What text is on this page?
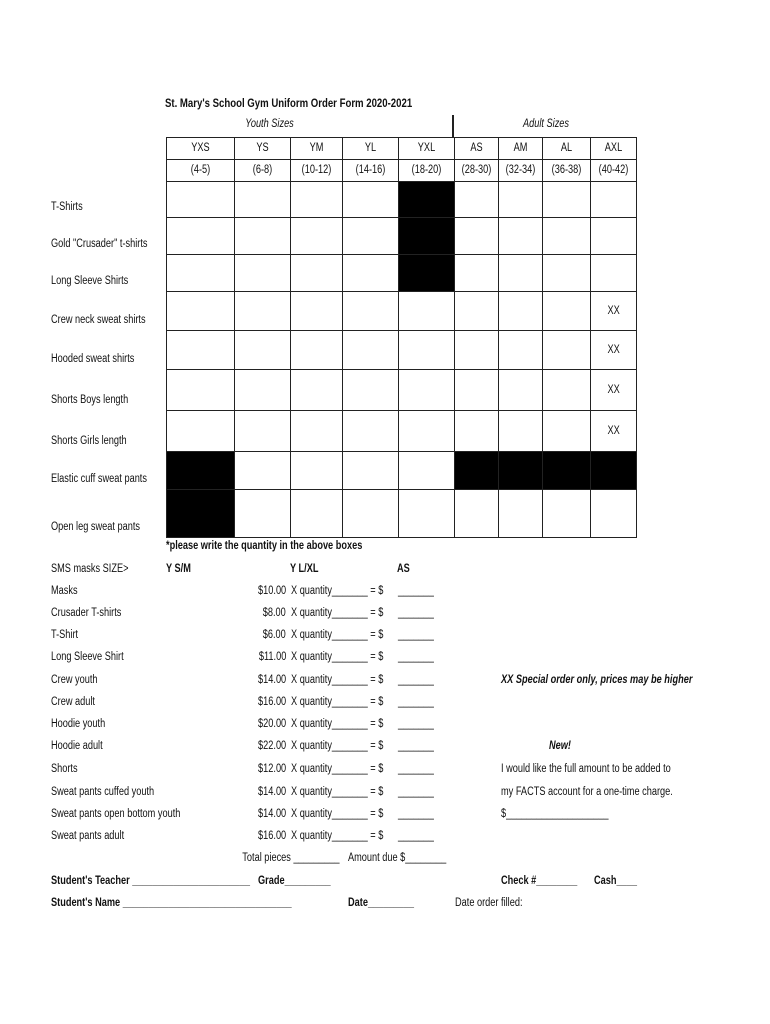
St. Mary's School Gym Uniform Order Form 2020-2021
Youth Sizes	Adult Sizes

	YXS	YS	YM	YL	YXL	AS	AM	AL	AXL

	(4-5)	(6-8)	(10-12)	(14-16)	(18-20)	(28-30)	(32-34)	(36-38)	(40-42)

T-Shirts									

Gold "Crusader" t-shirts									

Long Sleeve Shirts									

Crew neck sweat shirts									XX

Hooded sweat shirts									XX

Shorts Boys length									XX

Shorts Girls length									XX

Elastic cuff sweat pants									

Open leg sweat pants									

*please write the quantity in the above boxes
SMS masks SIZE>	Y S/M	Y L/XL	AS
Masks	$10.00 X quantity_______ = $ _______
Crusader T-shirts	$8.00 X quantity_______ = $ _______
T-Shirt	$6.00 X quantity_______ = $ _______
Long Sleeve Shirt	$11.00 X quantity_______ = $ _______
Crew youth	$14.00 X quantity_______ = $ _______
Crew adult	$16.00 X quantity_______ = $ _______
Hoodie youth	$20.00 X quantity_______ = $ _______
Hoodie adult	$22.00 X quantity_______ = $ _______
Shorts	$12.00 X quantity_______ = $ _______
Sweat pants cuffed youth	$14.00 X quantity_______ = $ _______
Sweat pants open bottom youth	$14.00 X quantity_______ = $ _______
Sweat pants adult	$16.00 X quantity_______ = $ _______
XX Special order only, prices may be higher
New!
I would like the full amount to be added to
my FACTS account for a one-time charge.
$____________________
Total pieces _________ Amount due $________
Student's Teacher _______________________ Grade_________	Check #________ Cash____
Student's Name _________________________________	Date_________	Date order filled:
